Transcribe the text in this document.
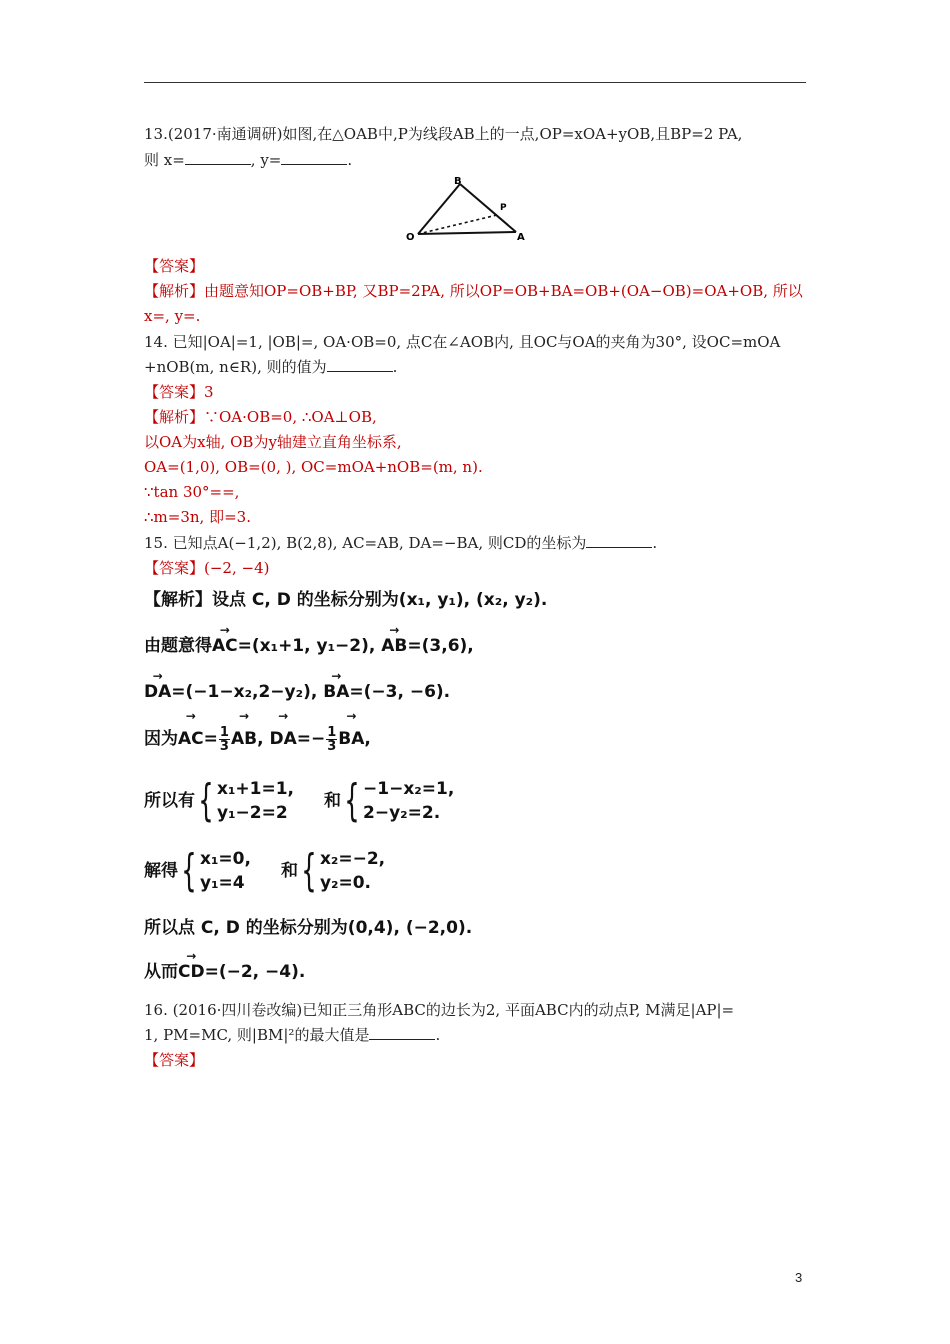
13.(2017·南通调研)如图,在△OAB中,P为线段AB上的一点,OP=xOA+yOB,且BP=2 PA,
则 x=	, y=	.
B
P
O	A
【答案】
【解析】由题意知OP=OB+BP, 又BP=2PA, 所以OP=OB+BA=OB+(OA−OB)=OA+OB, 所以
x=, y=.
14. 已知|OA|=1, |OB|=, OA·OB=0, 点C在∠AOB内, 且OC与OA的夹角为30°, 设OC=mOA
+nOB(m, n∈R), 则的值为	.
【答案】3
【解析】∵OA·OB=0, ∴OA⊥OB,
以OA为x轴, OB为y轴建立直角坐标系,
OA=(1,0), OB=(0, ), OC=mOA+nOB=(m, n).
∵tan 30°==,
∴m=3n, 即=3.
15. 已知点A(−1,2), B(2,8), AC=AB, DA=−BA, 则CD的坐标为	.
【答案】(−2, −4)
【解析】设点 C, D 的坐标分别为(x₁, y₁), (x₂, y₂).
由题意得→ AC=(x₁+1, y₁−2), → AB=(3,6),
→ DA=(−1−x₂,2−y₂), → BA=(−3, −6).
因为→ $AC= \frac{1}{3}$ → AB, → $DA=- \frac{1}{3}$ → BA,
所以有 { x₁+1=1,
y₁−2=2
和 { −1−x₂=1,
2−y₂=2.
解得 { x₁=0,
y₁=4
和 { x₂=−2,
y₂=0.
所以点 C, D 的坐标分别为(0,4), (−2,0).
从而→ CD=(−2, −4).
16. (2016·四川卷改编)已知正三角形ABC的边长为2, 平面ABC内的动点P, M满足|AP|=
1, PM=MC, 则|BM|²的最大值是	.
【答案】
3
